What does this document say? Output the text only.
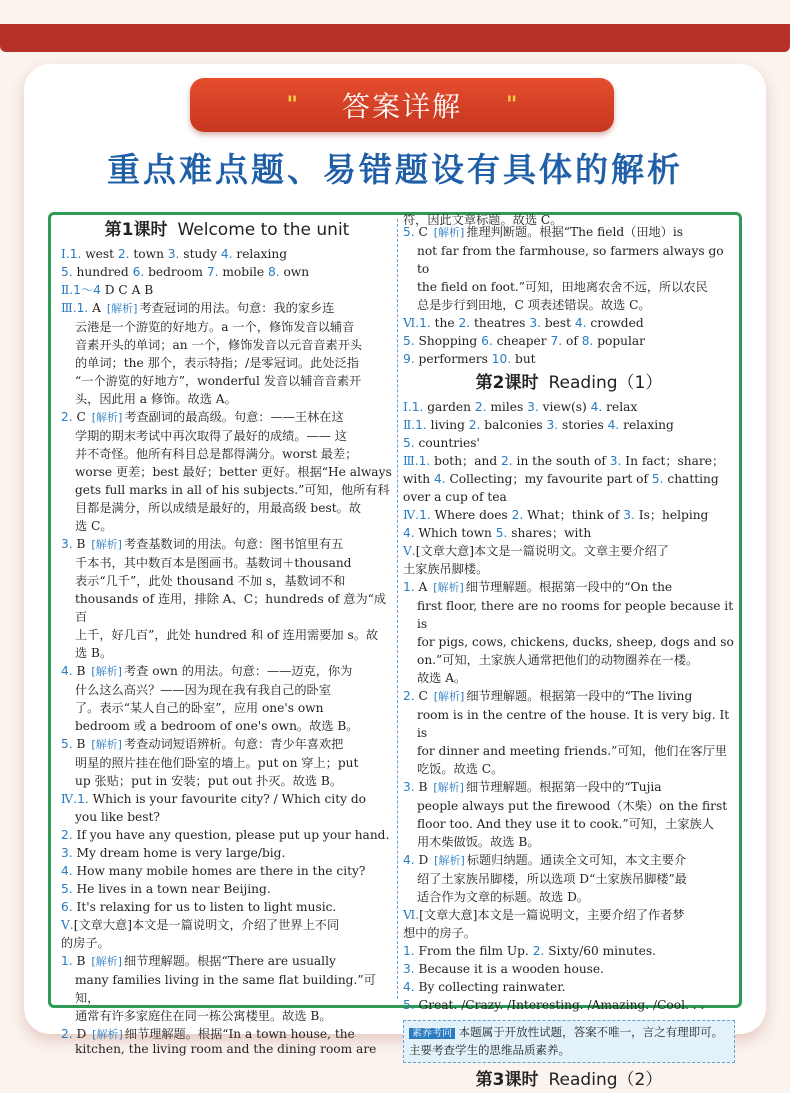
" 答案详解 "
重点难点题、易错题设有具体的解析
第1课时 Welcome to the unit
Ⅰ.1. west 2. town 3. study 4. relaxing
5. hundred 6. bedroom 7. mobile 8. own
Ⅱ.1～4 D C A B
Ⅲ.1. A [解析] 考查冠词的用法。句意：我的家乡连
云港是一个游览的好地方。a 一个，修饰发音以辅音
音素开头的单词；an 一个，修饰发音以元音音素开头
的单词；the 那个，表示特指；/是零冠词。此处泛指
“一个游览的好地方”，wonderful 发音以辅音音素开
头，因此用 a 修饰。故选 A。
2. C [解析] 考查副词的最高级。句意：——王林在这
学期的期末考试中再次取得了最好的成绩。—— 这
并不奇怪。他所有科目总是都得满分。worst 最差；
worse 更差；best 最好；better 更好。根据“He always
gets full marks in all of his subjects.”可知，他所有科
目都是满分，所以成绩是最好的，用最高级 best。故
选 C。
3. B [解析] 考查基数词的用法。句意：图书馆里有五
千本书，其中数百本是图画书。基数词＋thousand
表示“几千”，此处 thousand 不加 s，基数词不和
thousands of 连用，排除 A、C；hundreds of 意为“成百
上千，好几百”，此处 hundred 和 of 连用需要加 s。故
选 B。
4. B [解析] 考查 own 的用法。句意：——迈克，你为
什么这么高兴？——因为现在我有我自己的卧室
了。表示“某人自己的卧室”，应用 one's own
bedroom 或 a bedroom of one's own。故选 B。
5. B [解析] 考查动词短语辨析。句意：青少年喜欢把
明星的照片挂在他们卧室的墙上。put on 穿上；put
up 张贴；put in 安装；put out 扑灭。故选 B。
Ⅳ.1. Which is your favourite city? / Which city do
you like best?
2. If you have any question, please put up your hand.
3. My dream home is very large/big.
4. How many mobile homes are there in the city?
5. He lives in a town near Beijing.
6. It's relaxing for us to listen to light music.
Ⅴ.[文章大意]本文是一篇说明文，介绍了世界上不同
的房子。
1. B [解析] 细节理解题。根据“There are usually
many families living in the same flat building.”可知，
通常有许多家庭住在同一栋公寓楼里。故选 B。
2. D [解析] 细节理解题。根据“In a town house, the
kitchen, the living room and the dining room are
符，因此文章标题。故选 C。
5. C [解析] 推理判断题。根据“The field（田地）is
not far from the farmhouse, so farmers always go to
the field on foot.”可知，田地离农舍不远，所以农民
总是步行到田地，C 项表述错误。故选 C。
Ⅵ.1. the 2. theatres 3. best 4. crowded
5. Shopping 6. cheaper 7. of 8. popular
9. performers 10. but
第2课时 Reading（1）
Ⅰ.1. garden 2. miles 3. view(s) 4. relax
Ⅱ.1. living 2. balconies 3. stories 4. relaxing
5. countries'
Ⅲ.1. both；and 2. in the south of 3. In fact；share；
with 4. Collecting；my favourite part of 5. chatting
over a cup of tea
Ⅳ.1. Where does 2. What；think of 3. Is；helping
4. Which town 5. shares；with
Ⅴ.[文章大意]本文是一篇说明文。文章主要介绍了
土家族吊脚楼。
1. A [解析] 细节理解题。根据第一段中的“On the
first floor, there are no rooms for people because it is
for pigs, cows, chickens, ducks, sheep, dogs and so
on.”可知，土家族人通常把他们的动物圈养在一楼。
故选 A。
2. C [解析] 细节理解题。根据第一段中的“The living
room is in the centre of the house. It is very big. It is
for dinner and meeting friends.”可知，他们在客厅里
吃饭。故选 C。
3. B [解析] 细节理解题。根据第一段中的“Tujia
people always put the firewood（木柴）on the first
floor too. And they use it to cook.”可知，土家族人
用木柴做饭。故选 B。
4. D [解析] 标题归纳题。通读全文可知，本文主要介
绍了土家族吊脚楼，所以选项 D“土家族吊脚楼”最
适合作为文章的标题。故选 D。
Ⅵ.[文章大意]本文是一篇说明文，主要介绍了作者梦
想中的房子。
1. From the film Up. 2. Sixty/60 minutes.
3. Because it is a wooden house.
4. By collecting rainwater.
5. Great. /Crazy. /Interesting. /Amazing. /Cool. . .
素养考向 本题属于开放性试题，答案不唯一，言之有理即可。主要考查学生的思维品质素养。
第3课时 Reading（2）
